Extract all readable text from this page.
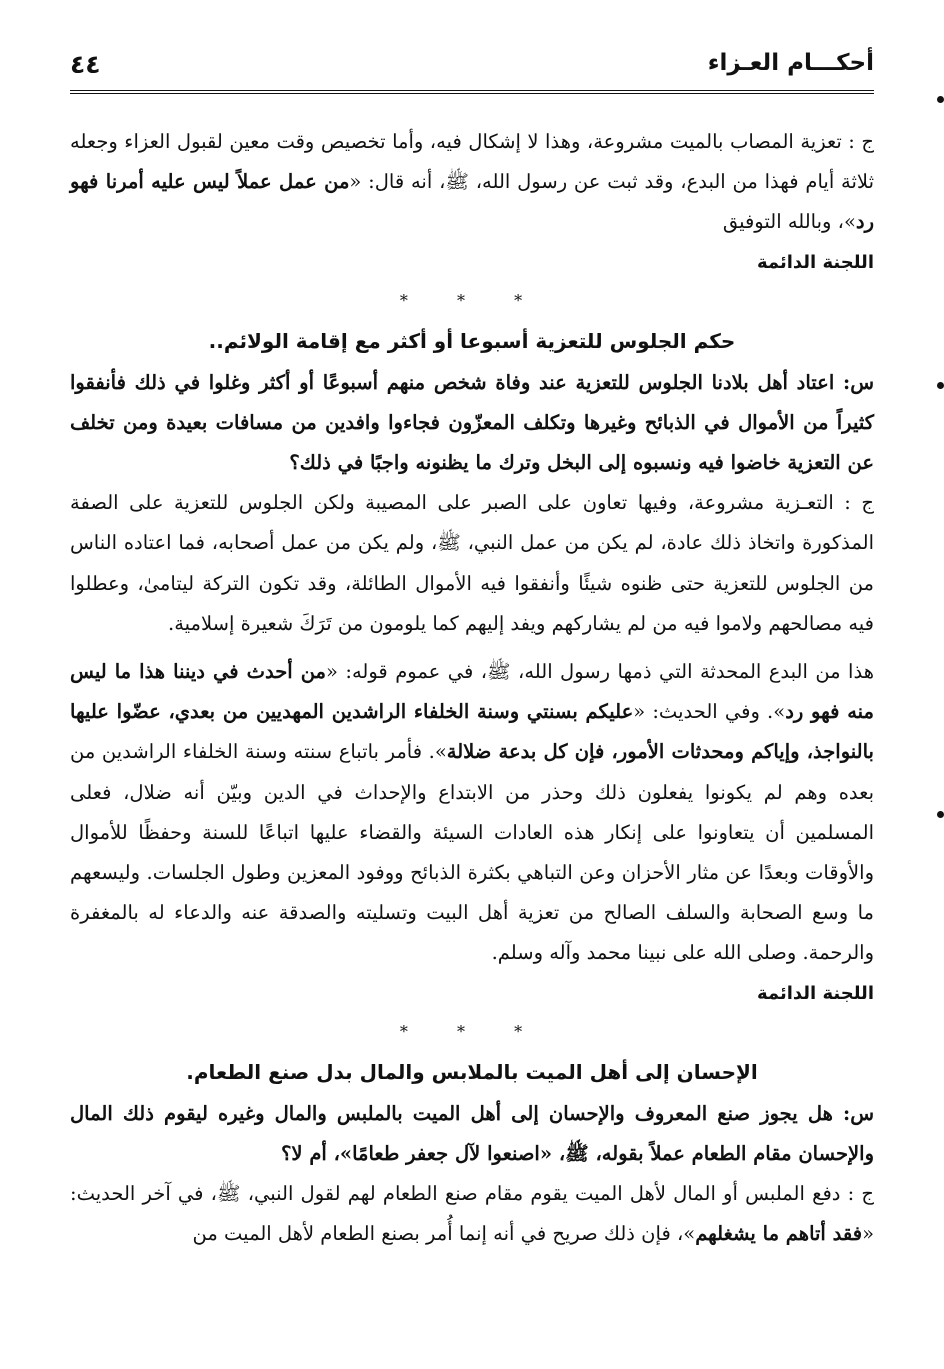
أحكـــام العـزاء
٤٤

ج : تعزية المصاب بالميت مشروعة، وهذا لا إشكال فيه، وأما تخصيص وقت معين لقبول العزاء وجعله ثلاثة أيام فهذا من البدع، وقد ثبت عن رسول الله، ﷺ، أنه قال: «من عمل عملاً ليس عليه أمرنا فهو رد»، وبالله التوفيق

اللجنة الدائمة

* * *

حكم الجلوس للتعزية أسبوعا أو أكثر مع إقامة الولائم..

س: اعتاد أهل بلادنا الجلوس للتعزية عند وفاة شخص منهم أسبوعًا أو أكثر وغلوا في ذلك فأنفقوا كثيراً من الأموال في الذبائح وغيرها وتكلف المعزّون فجاءوا وافدين من مسافات بعيدة ومن تخلف عن التعزية خاضوا فيه ونسبوه إلى البخل وترك ما يظنونه واجبًا في ذلك؟

ج : التعـزية مشروعة، وفيها تعاون على الصبر على المصيبة ولكن الجلوس للتعزية على الصفة المذكورة واتخاذ ذلك عادة، لم يكن من عمل النبي، ﷺ، ولم يكن من عمل أصحابه، فما اعتاده الناس من الجلوس للتعزية حتى ظنوه شيئًا وأنفقوا فيه الأموال الطائلة، وقد تكون التركة ليتامىٰ، وعطلوا فيه مصالحهم ولاموا فيه من لم يشاركهم ويفد إليهم كما يلومون من تَرَكَ شعيرة إسلامية.

هذا من البدع المحدثة التي ذمها رسول الله، ﷺ، في عموم قوله: «من أحدث في ديننا هذا ما ليس منه فهو رد». وفي الحديث: «عليكم بسنتي وسنة الخلفاء الراشدين المهديين من بعدي، عضّوا عليها بالنواجذ، وإياكم ومحدثات الأمور، فإن كل بدعة ضلالة». فأمر باتباع سنته وسنة الخلفاء الراشدين من بعده وهم لم يكونوا يفعلون ذلك وحذر من الابتداع والإحداث في الدين وبيّن أنه ضلال، فعلى المسلمين أن يتعاونوا على إنكار هذه العادات السيئة والقضاء عليها اتباعًا للسنة وحفظًا للأموال والأوقات وبعدًا عن مثار الأحزان وعن التباهي بكثرة الذبائح ووفود المعزين وطول الجلسات. وليسعهم ما وسع الصحابة والسلف الصالح من تعزية أهل البيت وتسليته والصدقة عنه والدعاء له بالمغفرة والرحمة. وصلى الله على نبينا محمد وآله وسلم.

اللجنة الدائمة

* * *

الإحسان إلى أهل الميت بالملابس والمال بدل صنع الطعام.

س: هل يجوز صنع المعروف والإحسان إلى أهل الميت بالملبس والمال وغيره ليقوم ذلك المال والإحسان مقام الطعام عملاً بقوله، ﷺ، «اصنعوا لآل جعفر طعامًا»، أم لا؟

ج : دفع الملبس أو المال لأهل الميت يقوم مقام صنع الطعام لهم لقول النبي، ﷺ، في آخر الحديث: «فقد أتاهم ما يشغلهم»، فإن ذلك صريح في أنه إنما أُمر بصنع الطعام لأهل الميت من
